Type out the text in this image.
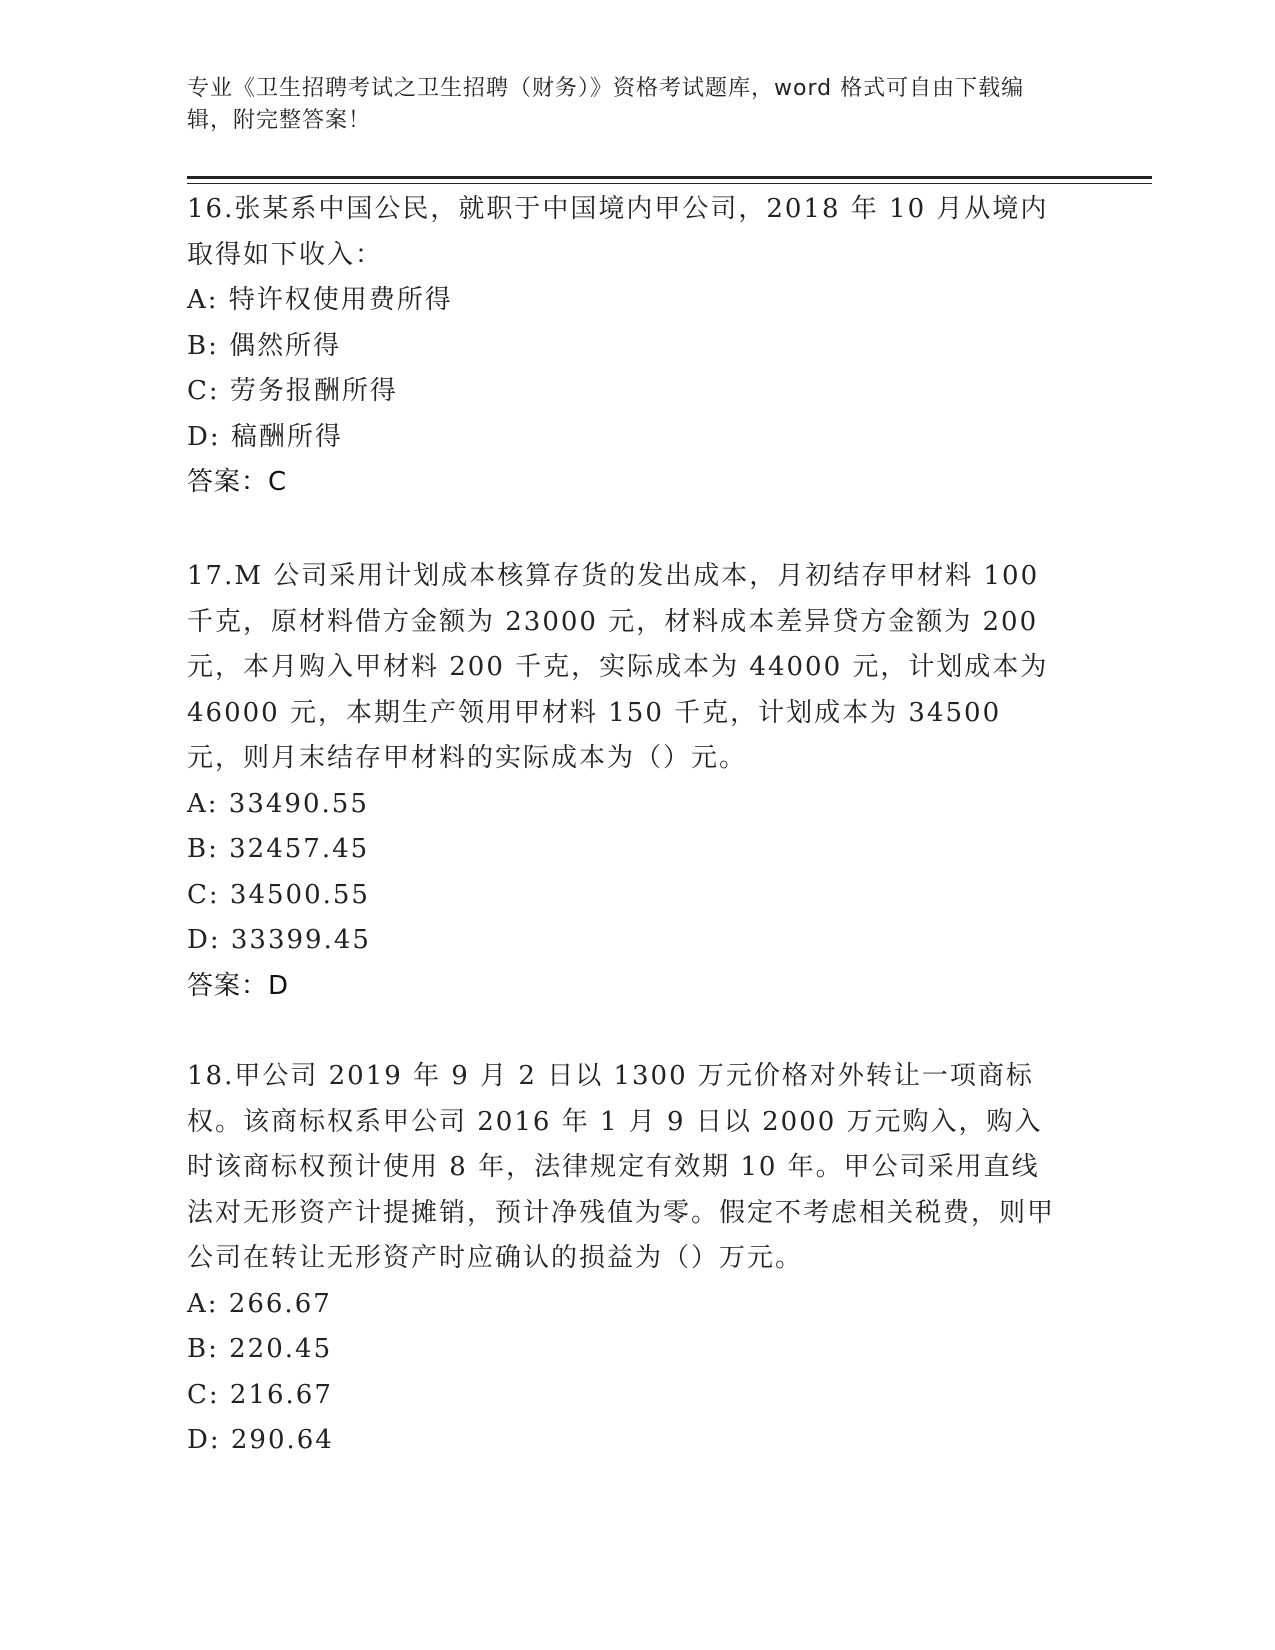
专业《卫生招聘考试之卫生招聘（财务）》资格考试题库，word 格式可自由下载编辑，附完整答案！
16.张某系中国公民，就职于中国境内甲公司，2018 年 10 月从境内取得如下收入：
A: 特许权使用费所得
B: 偶然所得
C: 劳务报酬所得
D: 稿酬所得
答案：C
17.M 公司采用计划成本核算存货的发出成本，月初结存甲材料 100 千克，原材料借方金额为 23000 元，材料成本差异贷方金额为 200 元，本月购入甲材料 200 千克，实际成本为 44000 元，计划成本为 46000 元，本期生产领用甲材料 150 千克，计划成本为 34500 元，则月末结存甲材料的实际成本为（）元。
A: 33490.55
B: 32457.45
C: 34500.55
D: 33399.45
答案：D
18.甲公司 2019 年 9 月 2 日以 1300 万元价格对外转让一项商标权。该商标权系甲公司 2016 年 1 月 9 日以 2000 万元购入，购入时该商标权预计使用 8 年，法律规定有效期 10 年。甲公司采用直线法对无形资产计提摊销，预计净残值为零。假定不考虑相关税费，则甲公司在转让无形资产时应确认的损益为（）万元。
A: 266.67
B: 220.45
C: 216.67
D: 290.64
